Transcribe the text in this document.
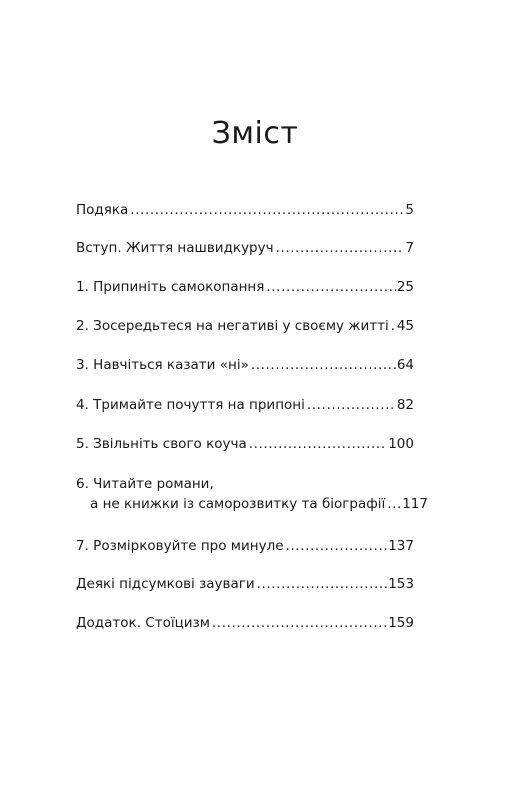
Зміст
Подяка .....	5
Вступ. Життя нашвидкуруч .....	7
1. Припиніть самокопання .....	25
2. Зосередьтеся на негативі у своєму житті ..... 45
3. Навчіться казати «ні» .....	64
4. Тримайте почуття на припоні .....	82
5. Звільніть свого коуча .....	100
6. Читайте романи,
а не книжки із саморозвитку та біографії ..... 117
7. Розмірковуйте про минуле .....	137
Деякі підсумкові зауваги .....	153
Додаток. Стоїцизм .....	159
